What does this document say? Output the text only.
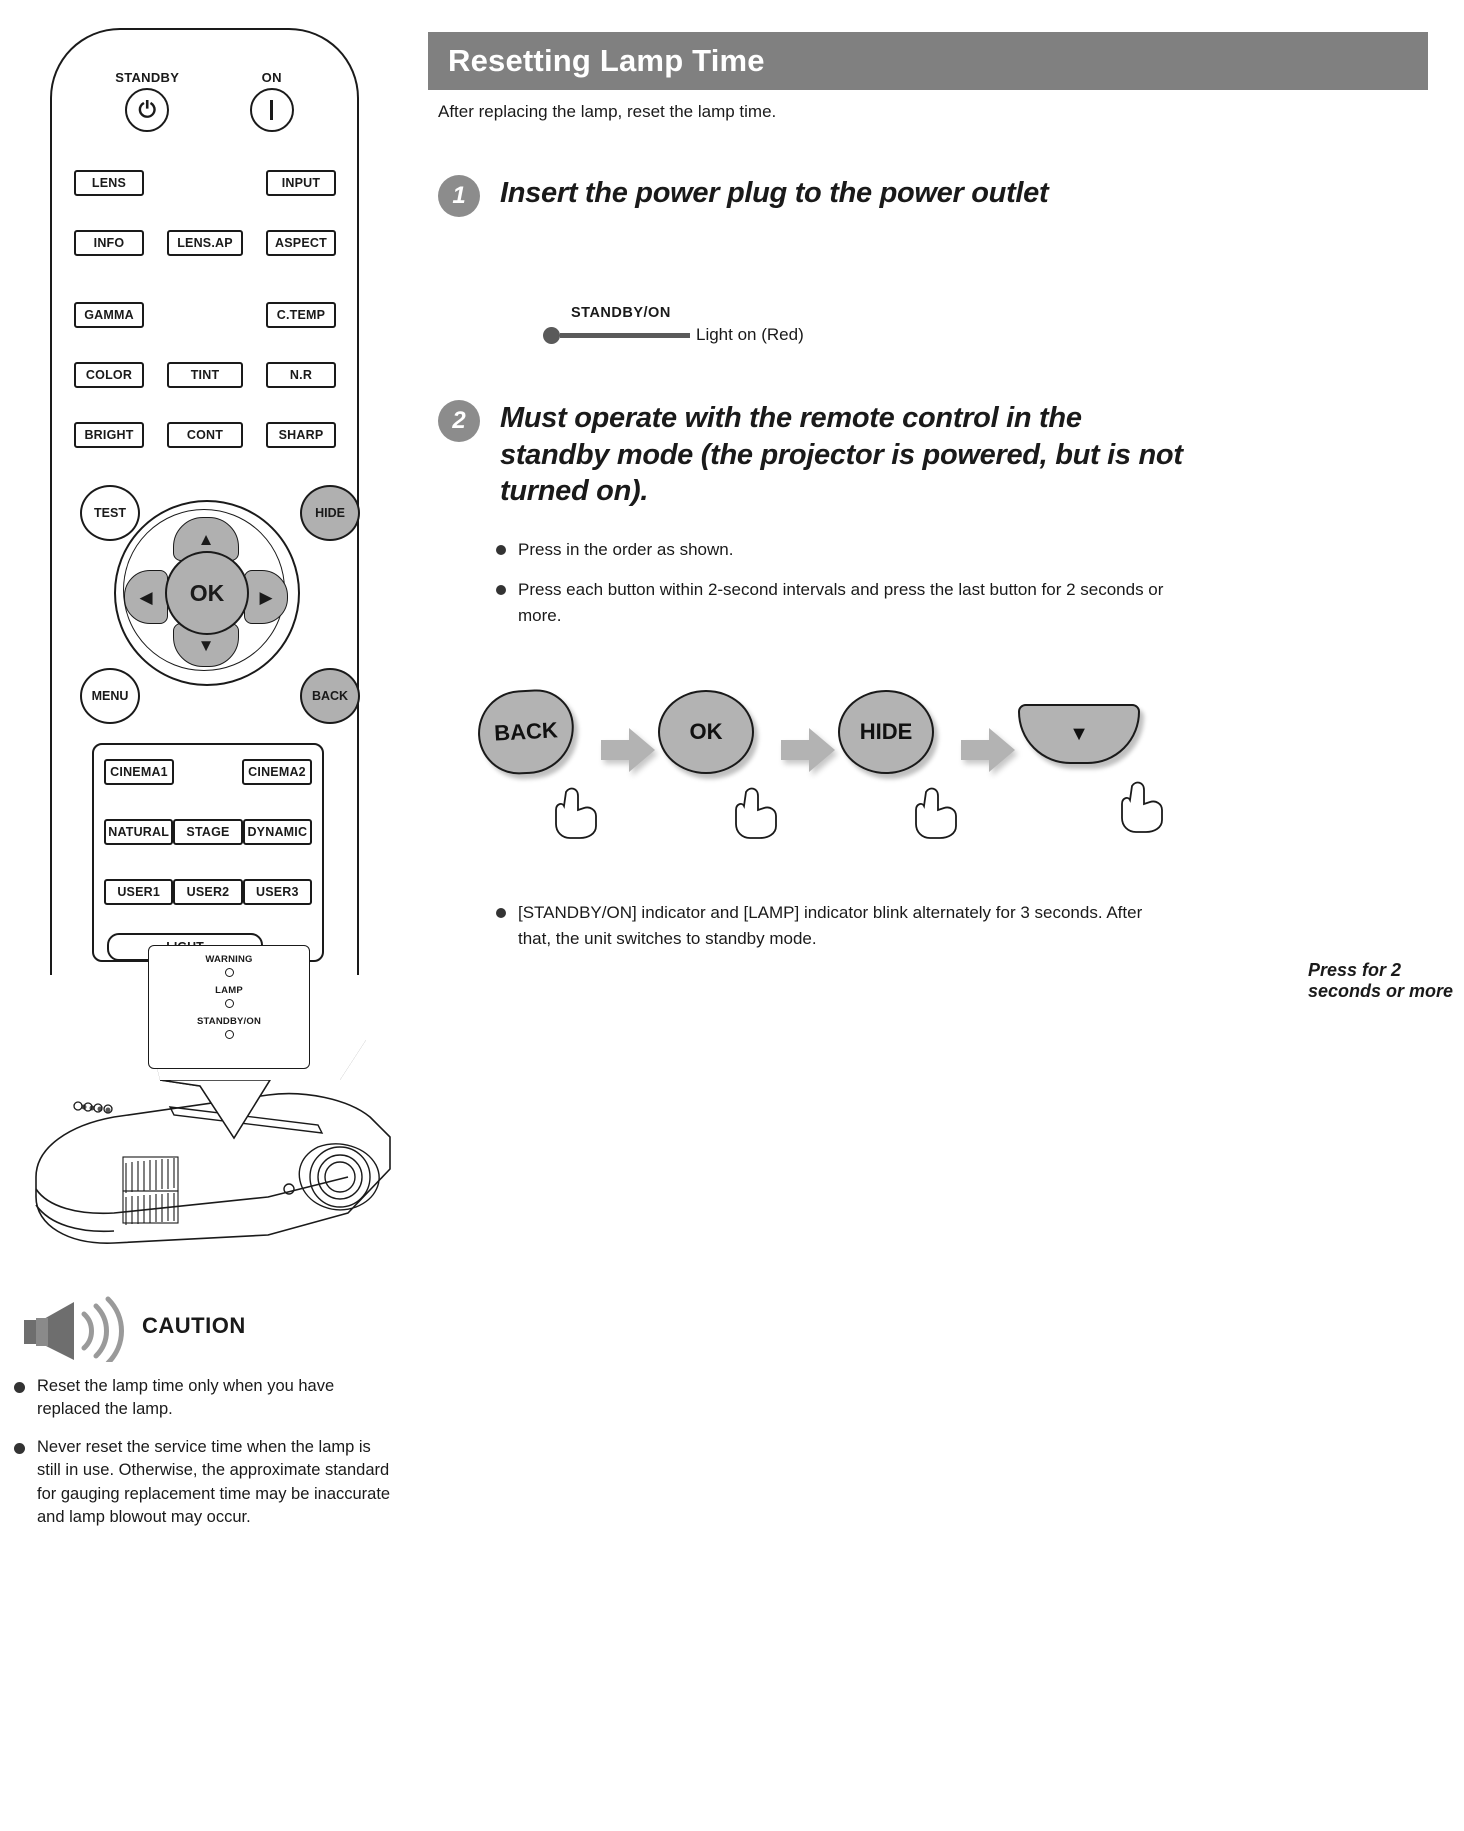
STANDBY
⏻
ON
LENS	INPUT
INFO	LENS.AP	ASPECT
GAMMA	C.TEMP
COLOR	TINT	N.R
BRIGHT	CONT	SHARP
TEST	HIDE
MENU	BACK
▲
▼
◀	▶
OK
CINEMA1	CINEMA2
NATURAL	STAGE	DYNAMIC
USER1	USER2	USER3
WARNING
LAMP
STANDBY/ON
CAUTION
Reset the lamp time only when you have replaced the lamp.
Never reset the service time when the lamp is still in use. Otherwise, the approximate standard for gauging replacement time may be inaccurate and lamp blowout may occur.
Resetting Lamp Time
After replacing the lamp, reset the lamp time.
1	Insert the power plug to the power outlet
STANDBY/ON
Light on (Red)
2	Must operate with the remote control in the standby mode (the projector is powered, but is not turned on).
Press in the order as shown.
Press each button within 2-second intervals and press the last button for 2 seconds or more.
BACK	OK	HIDE	▼
Press for 2 seconds or more
[STANDBY/ON] indicator and [LAMP] indicator blink alternately for 3 seconds. After that, the unit switches to standby mode.
